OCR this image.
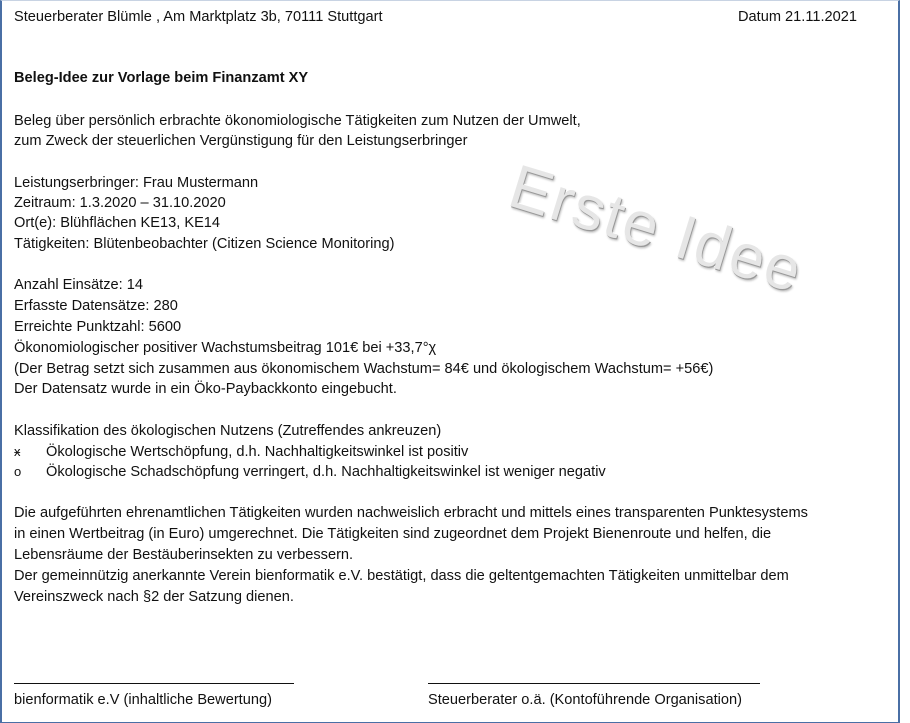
Steuerberater Blümle , Am Marktplatz 3b, 70111 Stuttgart	Datum 21.11.2021
Beleg-Idee zur Vorlage beim Finanzamt XY
Beleg über persönlich erbrachte ökonomiologische Tätigkeiten zum Nutzen der Umwelt,
zum Zweck der steuerlichen Vergünstigung für den Leistungserbringer
Erste Idee
Leistungserbringer: Frau Mustermann
Zeitraum: 1.3.2020 – 31.10.2020
Ort(e): Blühflächen KE13, KE14
Tätigkeiten: Blütenbeobachter (Citizen Science Monitoring)
Anzahl Einsätze: 14
Erfasste Datensätze: 280
Erreichte Punktzahl: 5600
Ökonomiologischer positiver Wachstumsbeitrag 101€ bei +33,7°χ
(Der Betrag setzt sich zusammen aus ökonomischem Wachstum= 84€ und ökologischem Wachstum= +56€)
Der Datensatz wurde in ein Öko-Paybackkonto eingebucht.
Klassifikation des ökologischen Nutzens (Zutreffendes ankreuzen)
ӿ Ökologische Wertschöpfung, d.h. Nachhaltigkeitswinkel ist positiv
o Ökologische Schadschöpfung verringert, d.h. Nachhaltigkeitswinkel ist weniger negativ
Die aufgeführten ehrenamtlichen Tätigkeiten wurden nachweislich erbracht und mittels eines transparenten Punktesystems
in einen Wertbeitrag (in Euro) umgerechnet. Die Tätigkeiten sind zugeordnet dem Projekt Bienenroute und helfen, die
Lebensräume der Bestäuberinsekten zu verbessern.
Der gemeinnützig anerkannte Verein bienformatik e.V. bestätigt, dass die geltentgemachten Tätigkeiten unmittelbar dem
Vereinszweck nach §2 der Satzung dienen.
bienformatik e.V (inhaltliche Bewertung)	Steuerberater o.ä. (Kontoführende Organisation)
